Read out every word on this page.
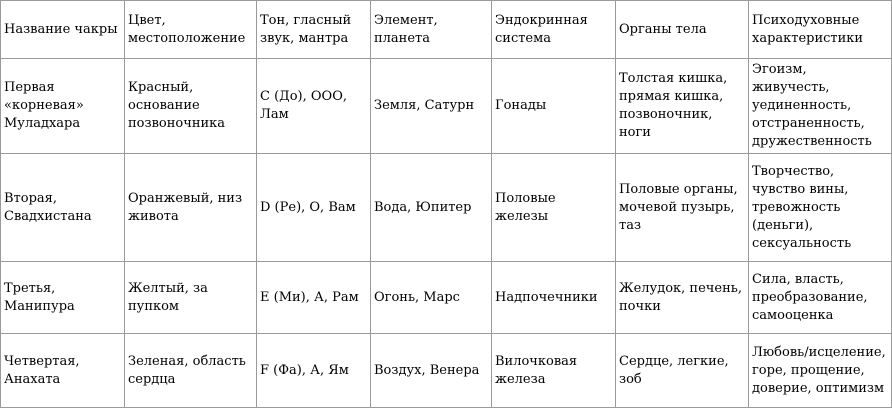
Название чакры	Цвет, местоположение	Тон, гласный звук, мантра	Элемент, планета	Эндокринная система	Органы тела	Психодуховные характеристики
Первая «корневая» Муладхара	Красный, основание позвоночника	C (До), ООО, Лам	Земля, Сатурн	Гонады	Толстая кишка, прямая кишка, позвоночник, ноги	Эгоизм, живучесть, уединенность, отстраненность, дружественность
Вторая, Свадхистана	Оранжевый, низ живота	D (Ре), О, Вам	Вода, Юпитер	Половые железы	Половые органы, мочевой пузырь, таз	Творчество, чувство вины, тревожность (деньги), сексуальность
Третья, Манипура	Желтый, за пупком	E (Ми), А, Рам	Огонь, Марс	Надпочечники	Желудок, печень, почки	Сила, власть, преобразование, самооценка
Четвертая, Анахата	Зеленая, область сердца	F (Фа), А, Ям	Воздух, Венера	Вилочковая железа	Сердце, легкие, зоб	Любовь/исцеление, горе, прощение, доверие, оптимизм
